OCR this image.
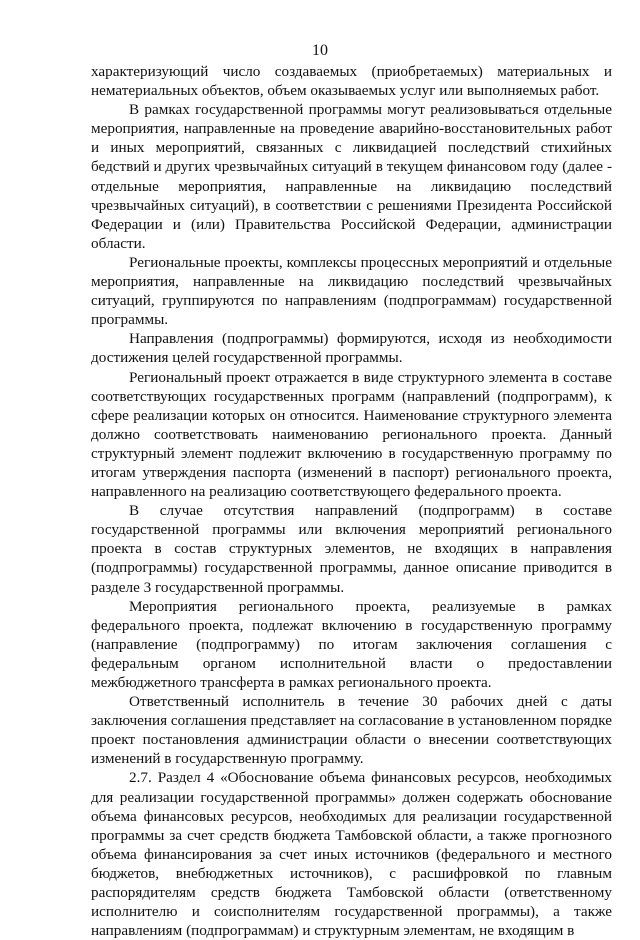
10

характеризующий число создаваемых (приобретаемых) материальных и нематериальных объектов, объем оказываемых услуг или выполняемых работ.

В рамках государственной программы могут реализовываться отдельные мероприятия, направленные на проведение аварийно-восстановительных работ и иных мероприятий, связанных с ликвидацией последствий стихийных бедствий и других чрезвычайных ситуаций в текущем финансовом году (далее - отдельные мероприятия, направленные на ликвидацию последствий чрезвычайных ситуаций), в соответствии с решениями Президента Российской Федерации и (или) Правительства Российской Федерации, администрации области.

Региональные проекты, комплексы процессных мероприятий и отдельные мероприятия, направленные на ликвидацию последствий чрезвычайных ситуаций, группируются по направлениям (подпрограммам) государственной программы.

Направления (подпрограммы) формируются, исходя из необходимости достижения целей государственной программы.

Региональный проект отражается в виде структурного элемента в составе соответствующих государственных программ (направлений (подпрограмм), к сфере реализации которых он относится. Наименование структурного элемента должно соответствовать наименованию регионального проекта. Данный структурный элемент подлежит включению в государственную программу по итогам утверждения паспорта (изменений в паспорт) регионального проекта, направленного на реализацию соответствующего федерального проекта.

В случае отсутствия направлений (подпрограмм) в составе государственной программы или включения мероприятий регионального проекта в состав структурных элементов, не входящих в направления (подпрограммы) государственной программы, данное описание приводится в разделе 3 государственной программы.

Мероприятия регионального проекта, реализуемые в рамках федерального проекта, подлежат включению в государственную программу (направление (подпрограмму) по итогам заключения соглашения с федеральным органом исполнительной власти о предоставлении межбюджетного трансферта в рамках регионального проекта.

Ответственный исполнитель в течение 30 рабочих дней с даты заключения соглашения представляет на согласование в установленном порядке проект постановления администрации области о внесении соответствующих изменений в государственную программу.

2.7. Раздел 4 «Обоснование объема финансовых ресурсов, необходимых для реализации государственной программы» должен содержать обоснование объема финансовых ресурсов, необходимых для реализации государственной программы за счет средств бюджета Тамбовской области, а также прогнозного объема финансирования за счет иных источников (федерального и местного бюджетов, внебюджетных источников), с расшифровкой по главным распорядителям средств бюджета Тамбовской области (ответственному исполнителю и соисполнителям государственной программы), а также направлениям (подпрограммам) и структурным элементам, не входящим в
